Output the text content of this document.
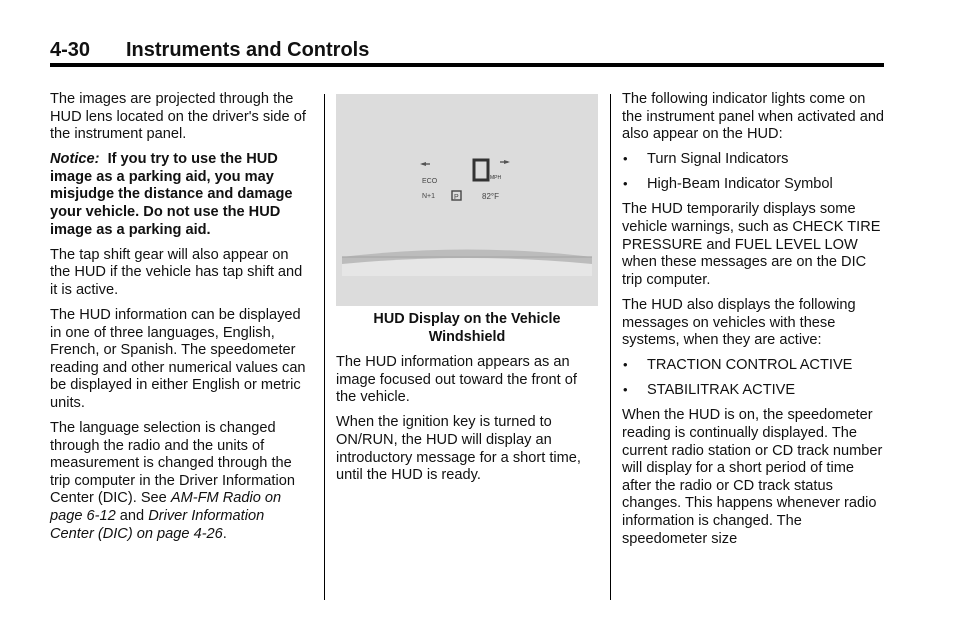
4-30 Instruments and Controls

The images are projected through the HUD lens located on the driver's side of the instrument panel.

Notice: If you try to use the HUD image as a parking aid, you may misjudge the distance and damage your vehicle. Do not use the HUD image as a parking aid.

The tap shift gear will also appear on the HUD if the vehicle has tap shift and it is active.

The HUD information can be displayed in one of three languages, English, French, or Spanish. The speedometer reading and other numerical values can be displayed in either English or metric units.

The language selection is changed through the radio and the units of measurement is changed through the trip computer in the Driver Information Center (DIC). See AM-FM Radio on page 6-12 and Driver Information Center (DIC) on page 4-26.

MPH
ECO
N+1	P	82°F

HUD Display on the Vehicle Windshield

The HUD information appears as an image focused out toward the front of the vehicle.

When the ignition key is turned to ON/RUN, the HUD will display an introductory message for a short time, until the HUD is ready.

The following indicator lights come on the instrument panel when activated and also appear on the HUD:

• Turn Signal Indicators
• High-Beam Indicator Symbol

The HUD temporarily displays some vehicle warnings, such as CHECK TIRE PRESSURE and FUEL LEVEL LOW when these messages are on the DIC trip computer.

The HUD also displays the following messages on vehicles with these systems, when they are active:

• TRACTION CONTROL ACTIVE
• STABILITRAK ACTIVE

When the HUD is on, the speedometer reading is continually displayed. The current radio station or CD track number will display for a short period of time after the radio or CD track status changes. This happens whenever radio information is changed. The speedometer size
